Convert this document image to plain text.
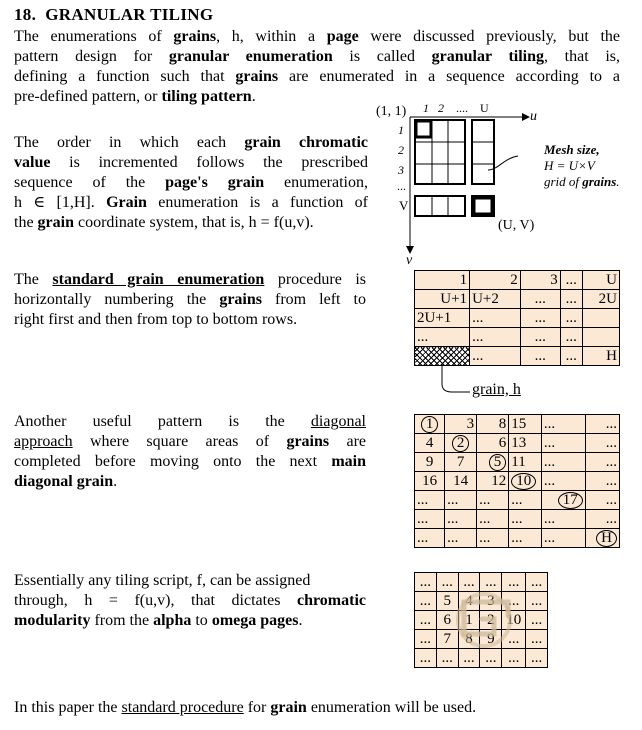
18. GRANULAR TILING
The enumerations of grains, h, within a page were discussed previously, but the
pattern design for granular enumeration is called granular tiling, that is,
defining a function such that grains are enumerated in a sequence according to a
pre-defined pattern, or tiling pattern.
The order in which each grain chromatic
value is incremented follows the prescribed
sequence of the page's grain enumeration,
h ∈ [1,H]. Grain enumeration is a function of
the grain coordinate system, that is, h = f(u,v).
(1, 1) 1 2 .... U
u
1
2
3
...
V
v
(U, V)
Mesh size,
H = U×V
grid of grains.
The standard grain enumeration procedure is
horizontally numbering the grains from left to
right first and then from top to bottom rows.
1	2	3	...	U
U+1	U+2	...	...	2U
2U+1	...	...	...	
...	...	...	...	
	...	...	...	H
grain, h
Another useful pattern is the diagonal
approach where square areas of grains are
completed before moving onto the next main
diagonal grain.
1	3	8	15	...	...
4	2	6	13	...	...
9	7	5	11	...	...
16	14	12	10	...	...
...	...	...	...	17	...
...	...	...	...	...	...
...	...	...	...	...	H
Essentially any tiling script, f, can be assigned
through, h = f(u,v), that dictates chromatic
modularity from the alpha to omega pages.
...	...	...	...	...	...
...	5	4	3	...	...
...	6	1	2	10	...
...	7	8	9	...	...
...	...	...	...	...	...
In this paper the standard procedure for grain enumeration will be used.
